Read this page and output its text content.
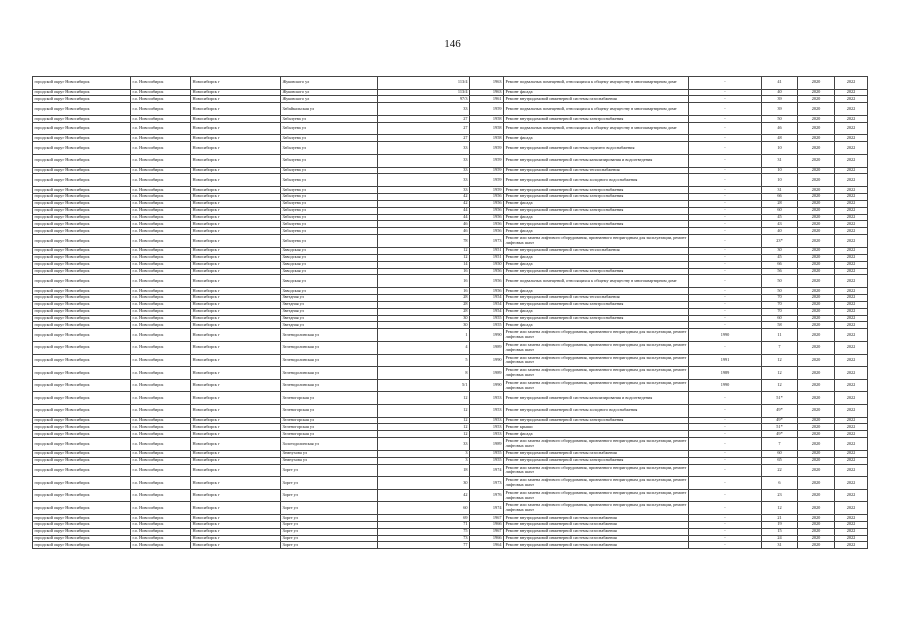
146
городской округ Новосибирск	г.о. Новосибирск	Новосибирск г	Жуковского ул	113/4	1963	Ремонт подвальных помещений, относящихся к общему имуществу в многоквартирном доме	-	41	2020	2022
городской округ Новосибирск	г.о. Новосибирск	Новосибирск г	Жуковского ул	113/4	1963	Ремонт фасада	-	40	2020	2022
городской округ Новосибирск	г.о. Новосибирск	Новосибирск г	Жуковского ул	97/3	1961	Ремонт внутридомовой инженерной системы газоснабжения	-	39	2020	2022
городской округ Новосибирск	г.о. Новосибирск	Новосибирск г	Забайкальская ул	33	1959	Ремонт подвальных помещений, относящихся к общему имуществу в многоквартирном доме	-	39	2020	2022
городской округ Новосибирск	г.о. Новосибирск	Новосибирск г	Забалуева ул	27	1958	Ремонт внутридомовой инженерной системы электроснабжения	-	50	2020	2022
городской округ Новосибирск	г.о. Новосибирск	Новосибирск г	Забалуева ул	27	1958	Ремонт подвальных помещений, относящихся к общему имуществу в многоквартирном доме	-	46	2020	2022
городской округ Новосибирск	г.о. Новосибирск	Новосибирск г	Забалуева ул	27	1958	Ремонт фасада	-	48	2020	2022
городской округ Новосибирск	г.о. Новосибирск	Новосибирск г	Забалуева ул	33	1959	Ремонт внутридомовой инженерной системы горячего водоснабжения	-	10	2020	2022
городской округ Новосибирск	г.о. Новосибирск	Новосибирск г	Забалуева ул	33	1959	Ремонт внутридомовой инженерной системы канализирования и водоотведения	-	31	2020	2022
городской округ Новосибирск	г.о. Новосибирск	Новосибирск г	Забалуева ул	33	1959	Ремонт внутридомовой инженерной системы теплоснабжения	-	10	2020	2022
городской округ Новосибирск	г.о. Новосибирск	Новосибирск г	Забалуева ул	33	1959	Ремонт внутридомовой инженерной системы холодного водоснабжения	-	10	2020	2022
городской округ Новосибирск	г.о. Новосибирск	Новосибирск г	Забалуева ул	33	1959	Ремонт внутридомовой инженерной системы электроснабжения	-	31	2020	2022
городской округ Новосибирск	г.о. Новосибирск	Новосибирск г	Забалуева ул	42	1956	Ремонт внутридомовой инженерной системы электроснабжения	-	66	2020	2022
городской округ Новосибирск	г.о. Новосибирск	Новосибирск г	Забалуева ул	42	1956	Ремонт фасада	-	28	2020	2022
городской округ Новосибирск	г.о. Новосибирск	Новосибирск г	Забалуева ул	44	1956	Ремонт внутридомовой инженерной системы электроснабжения	-	60	2020	2022
городской округ Новосибирск	г.о. Новосибирск	Новосибирск г	Забалуева ул	44	1956	Ремонт фасада	-	45	2020	2022
городской округ Новосибирск	г.о. Новосибирск	Новосибирск г	Забалуева ул	46	1956	Ремонт внутридомовой инженерной системы электроснабжения	-	43	2020	2022
городской округ Новосибирск	г.о. Новосибирск	Новосибирск г	Забалуева ул	46	1956	Ремонт фасада	-	40	2020	2022
городской округ Новосибирск	г.о. Новосибирск	Новосибирск г	Забалуева ул	78	1973	Ремонт или замена лифтового оборудования, признанного непригодным для эксплуатации, ремонт лифтовых шахт	-	23*	2020	2022
городской округ Новосибирск	г.о. Новосибирск	Новосибирск г	Заводская ул	12	1951	Ремонт внутридомовой инженерной системы теплоснабжения	-	30	2020	2022
городской округ Новосибирск	г.о. Новосибирск	Новосибирск г	Заводская ул	12	1951	Ремонт фасада	-	45	2020	2022
городской округ Новосибирск	г.о. Новосибирск	Новосибирск г	Заводская ул	14	1950	Ремонт фасада	-	66	2020	2022
городской округ Новосибирск	г.о. Новосибирск	Новосибирск г	Заводская ул	16	1956	Ремонт внутридомовой инженерной системы электроснабжения	-	56	2020	2022
городской округ Новосибирск	г.о. Новосибирск	Новосибирск г	Заводская ул	16	1956	Ремонт подвальных помещений, относящихся к общему имуществу в многоквартирном доме	-	50	2020	2022
городской округ Новосибирск	г.о. Новосибирск	Новосибирск г	Заводская ул	16	1956	Ремонт фасада	-	50	2020	2022
городской округ Новосибирск	г.о. Новосибирск	Новосибирск г	Звездная ул	28	1954	Ремонт внутридомовой инженерной системы теплоснабжения	-	70	2020	2022
городской округ Новосибирск	г.о. Новосибирск	Новосибирск г	Звездная ул	28	1954	Ремонт внутридомовой инженерной системы электроснабжения	-	70	2020	2022
городской округ Новосибирск	г.о. Новосибирск	Новосибирск г	Звездная ул	28	1954	Ремонт фасада	-	70	2020	2022
городской округ Новосибирск	г.о. Новосибирск	Новосибирск г	Звездная ул	30	1955	Ремонт внутридомовой инженерной системы электроснабжения	-	60	2020	2022
городской округ Новосибирск	г.о. Новосибирск	Новосибирск г	Звездная ул	30	1955	Ремонт фасада	-	58	2020	2022
городской округ Новосибирск	г.о. Новосибирск	Новосибирск г	Зеленодолинская ул	1	1990	Ремонт или замена лифтового оборудования, признанного непригодным для эксплуатации, ремонт лифтовых шахт	1990	11	2020	2022
городской округ Новосибирск	г.о. Новосибирск	Новосибирск г	Зеленодолинская ул	4	1989	Ремонт или замена лифтового оборудования, признанного непригодным для эксплуатации, ремонт лифтовых шахт	-	7	2020	2022
городской округ Новосибирск	г.о. Новосибирск	Новосибирск г	Зеленодолинская ул	5	1990	Ремонт или замена лифтового оборудования, признанного непригодным для эксплуатации, ремонт лифтовых шахт	1991	12	2020	2022
городской округ Новосибирск	г.о. Новосибирск	Новосибирск г	Зеленодолинская ул	8	1989	Ремонт или замена лифтового оборудования, признанного непригодным для эксплуатации, ремонт лифтовых шахт	1989	12	2020	2022
городской округ Новосибирск	г.о. Новосибирск	Новосибирск г	Зеленодолинская ул	5/1	1990	Ремонт или замена лифтового оборудования, признанного непригодным для эксплуатации, ремонт лифтовых шахт	1990	12	2020	2022
городской округ Новосибирск	г.о. Новосибирск	Новосибирск г	Зеленогорская ул	12	1953	Ремонт внутридомовой инженерной системы канализирования и водоотведения	-	51*	2020	2022
городской округ Новосибирск	г.о. Новосибирск	Новосибирск г	Зеленогорская ул	12	1953	Ремонт внутридомовой инженерной системы холодного водоснабжения	-	49*	2020	2022
городской округ Новосибирск	г.о. Новосибирск	Новосибирск г	Зеленогорская ул	12	1953	Ремонт внутридомовой инженерной системы электроснабжения	-	49*	2020	2022
городской округ Новосибирск	г.о. Новосибирск	Новосибирск г	Зеленогорская ул	12	1953	Ремонт крыши	-	51*	2020	2022
городской округ Новосибирск	г.о. Новосибирск	Новосибирск г	Зеленогорская ул	12	1953	Ремонт фасада	-	49*	2020	2022
городской округ Новосибирск	г.о. Новосибирск	Новосибирск г	Золотодолинская ул	33	1989	Ремонт или замена лифтового оборудования, признанного непригодным для эксплуатации, ремонт лифтовых шахт	-	7	2020	2022
городской округ Новосибирск	г.о. Новосибирск	Новосибирск г	Земнухова ул	3	1955	Ремонт внутридомовой инженерной системы газоснабжения	-	60	2020	2022
городской округ Новосибирск	г.о. Новосибирск	Новосибирск г	Земнухова ул	3	1955	Ремонт внутридомовой инженерной системы электроснабжения	-	65	2020	2022
городской округ Новосибирск	г.о. Новосибирск	Новосибирск г	Зорге ул	18	1974	Ремонт или замена лифтового оборудования, признанного непригодным для эксплуатации, ремонт лифтовых шахт	-	22	2020	2022
городской округ Новосибирск	г.о. Новосибирск	Новосибирск г	Зорге ул	30	1973	Ремонт или замена лифтового оборудования, признанного непригодным для эксплуатации, ремонт лифтовых шахт	-	6	2020	2022
городской округ Новосибирск	г.о. Новосибирск	Новосибирск г	Зорге ул	42	1976	Ремонт или замена лифтового оборудования, признанного непригодным для эксплуатации, ремонт лифтовых шахт	-	23	2020	2022
городской округ Новосибирск	г.о. Новосибирск	Новосибирск г	Зорге ул	60	1974	Ремонт или замена лифтового оборудования, признанного непригодным для эксплуатации, ремонт лифтовых шахт	-	12	2020	2022
городской округ Новосибирск	г.о. Новосибирск	Новосибирск г	Зорге ул	69	1967	Ремонт внутридомовой инженерной системы газоснабжения	-	21	2020	2022
городской округ Новосибирск	г.о. Новосибирск	Новосибирск г	Зорге ул	71	1966	Ремонт внутридомовой инженерной системы газоснабжения	-	19	2020	2022
городской округ Новосибирск	г.о. Новосибирск	Новосибирск г	Зорге ул	75	1967	Ремонт внутридомовой инженерной системы газоснабжения	-	15	2020	2022
городской округ Новосибирск	г.о. Новосибирск	Новосибирск г	Зорге ул	73	1966	Ремонт внутридомовой инженерной системы газоснабжения	-	24	2020	2022
городской округ Новосибирск	г.о. Новосибирск	Новосибирск г	Зорге ул	77	1964	Ремонт внутридомовой инженерной системы газоснабжения	-	31	2020	2022
